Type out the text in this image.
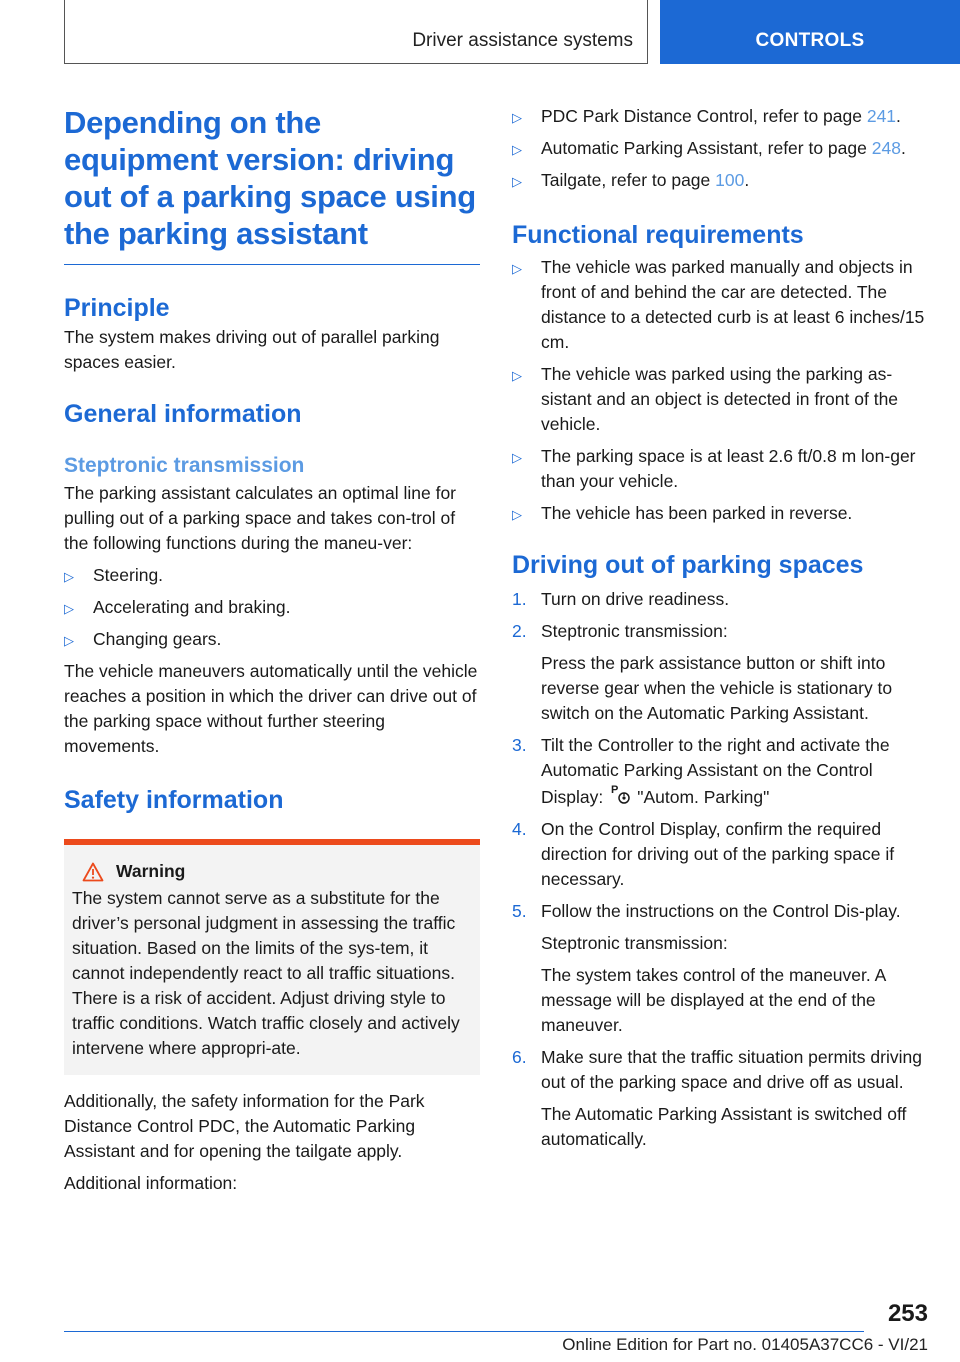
Driver assistance systems	CONTROLS
Depending on the equipment version: driving out of a parking space using the parking assistant
Principle

The system makes driving out of parallel parking spaces easier.

General information
Steptronic transmission

The parking assistant calculates an optimal line for pulling out of a parking space and takes con-trol of the following functions during the maneu-ver:

▷ Steering.
▷ Accelerating and braking.
▷ Changing gears.

The vehicle maneuvers automatically until the vehicle reaches a position in which the driver can drive out of the parking space without further steering movements.

Safety information
Warning

The system cannot serve as a substitute for the driver’s personal judgment in assessing the traffic situation. Based on the limits of the sys-tem, it cannot independently react to all traffic situations. There is a risk of accident. Adjust driving style to traffic conditions. Watch traffic closely and actively intervene where appropri-ate.

Additionally, the safety information for the Park Distance Control PDC, the Automatic Parking Assistant and for opening the tailgate apply.

Additional information:

▷ PDC Park Distance Control, refer to page 241.
▷ Automatic Parking Assistant, refer to page 248.
▷ Tailgate, refer to page 100.
Functional requirements
▷ The vehicle was parked manually and objects in front of and behind the car are detected. The distance to a detected curb is at least 6 inches/15 cm.
▷ The vehicle was parked using the parking as-sistant and an object is detected in front of the vehicle.
▷ The parking space is at least 2.6 ft/0.8 m lon-ger than your vehicle.
▷ The vehicle has been parked in reverse.
Driving out of parking spaces
1. Turn on drive readiness.
2. Steptronic transmission:

Press the park assistance button or shift into reverse gear when the vehicle is stationary to switch on the Automatic Parking Assistant.

3. Tilt the Controller to the right and activate the Automatic Parking Assistant on the Control Display: P "Autom. Parking"
4. On the Control Display, confirm the required direction for driving out of the parking space if necessary.
5. Follow the instructions on the Control Dis-play.

Steptronic transmission:

The system takes control of the maneuver. A message will be displayed at the end of the maneuver.

6. Make sure that the traffic situation permits driving out of the parking space and drive off as usual.

The Automatic Parking Assistant is switched off automatically.

253
Online Edition for Part no. 01405A37CC6 - VI/21
